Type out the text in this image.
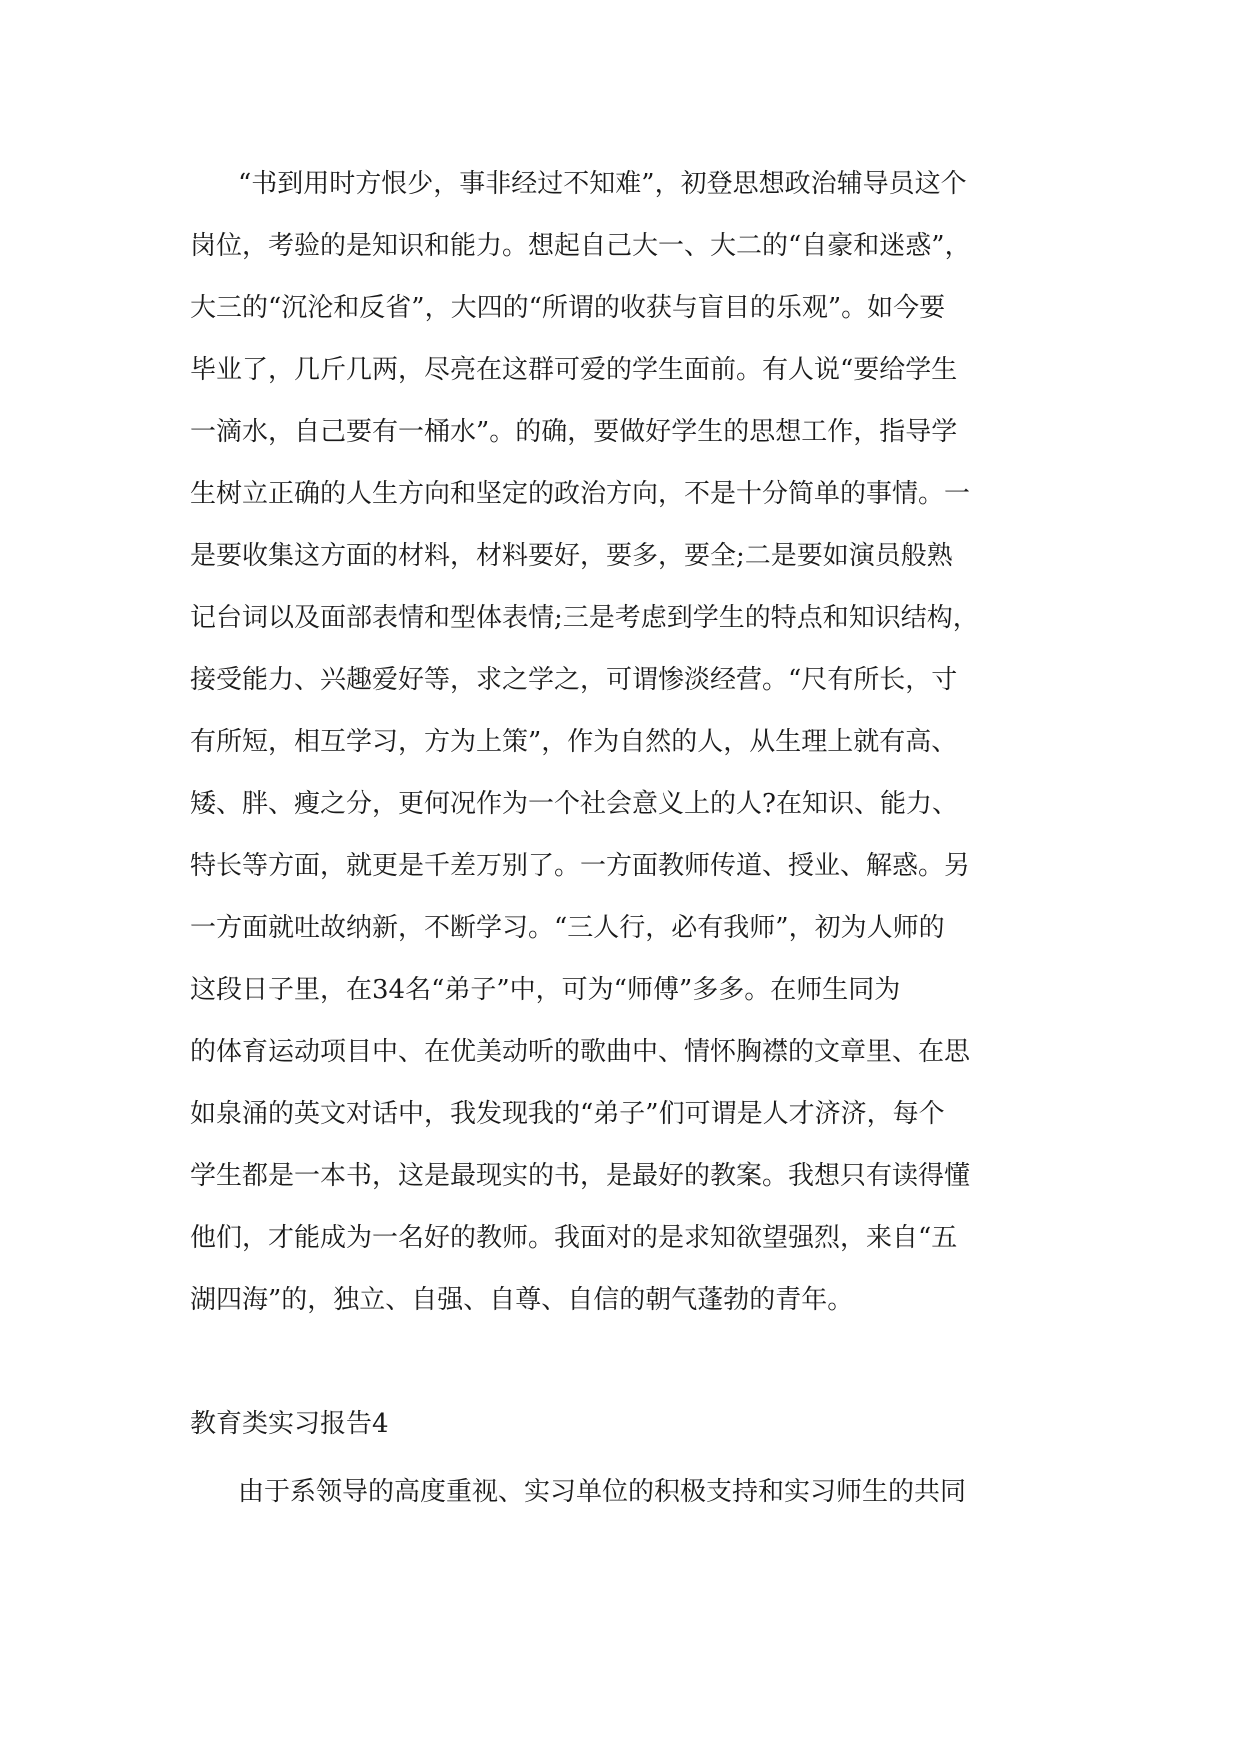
“书到用时方恨少，事非经过不知难”，初登思想政治辅导员这个
岗位，考验的是知识和能力。想起自己大一、大二的“自豪和迷惑”，
大三的“沉沦和反省”，大四的“所谓的收获与盲目的乐观”。如今要
毕业了，几斤几两，尽亮在这群可爱的学生面前。有人说“要给学生
一滴水，自己要有一桶水”。的确，要做好学生的思想工作，指导学
生树立正确的人生方向和坚定的政治方向，不是十分简单的事情。一
是要收集这方面的材料，材料要好，要多，要全;二是要如演员般熟
记台词以及面部表情和型体表情;三是考虑到学生的特点和知识结构，
接受能力、兴趣爱好等，求之学之，可谓惨淡经营。“尺有所长，寸
有所短，相互学习，方为上策”，作为自然的人，从生理上就有高、
矮、胖、瘦之分，更何况作为一个社会意义上的人?在知识、能力、
特长等方面，就更是千差万别了。一方面教师传道、授业、解惑。另
一方面就吐故纳新，不断学习。“三人行，必有我师”，初为人师的
这段日子里，在34名“弟子”中，可为“师傅”多多。在师生同为
的体育运动项目中、在优美动听的歌曲中、情怀胸襟的文章里、在思
如泉涌的英文对话中，我发现我的“弟子”们可谓是人才济济，每个
学生都是一本书，这是最现实的书，是最好的教案。我想只有读得懂
他们，才能成为一名好的教师。我面对的是求知欲望强烈，来自“五
湖四海”的，独立、自强、自尊、自信的朝气蓬勃的青年。
教育类实习报告4
由于系领导的高度重视、实习单位的积极支持和实习师生的共同
